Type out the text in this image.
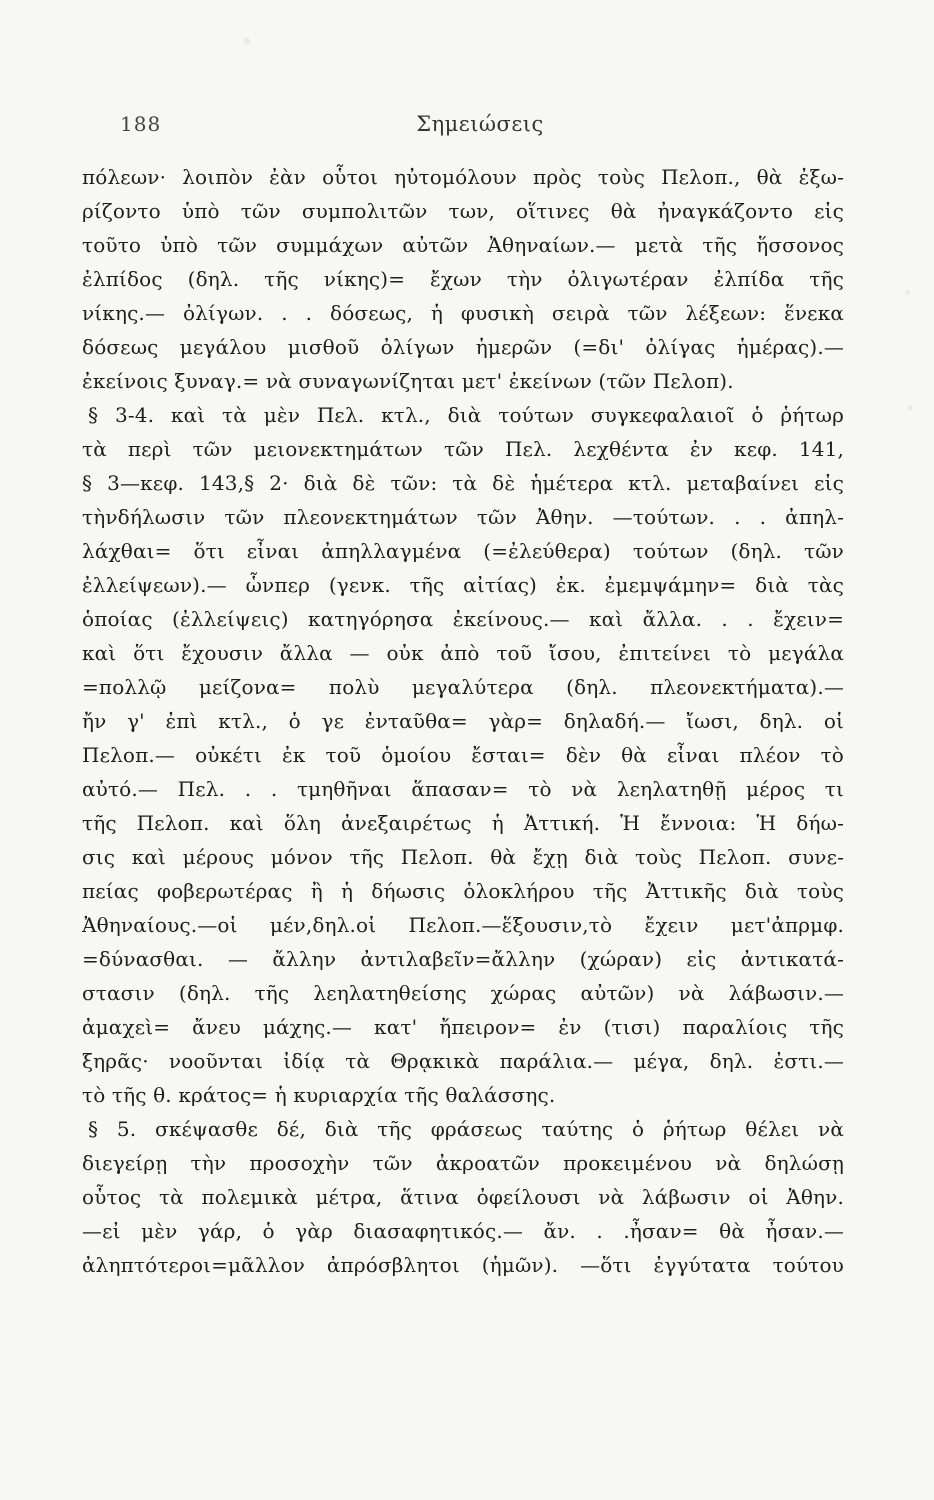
188	Σημειώσεις
πόλεων· λοιπὸν ἐὰν οὗτοι ηὐτομόλουν πρὸς τοὺς Πελοπ., θὰ ἐξω-
ρίζοντο ὑπὸ τῶν συμπολιτῶν των, οἵτινες θὰ ἠναγκάζοντο εἰς
τοῦτο ὑπὸ τῶν συμμάχων αὐτῶν Ἀθηναίων.— μετὰ τῆς ἥσσονος
ἐλπίδος (δηλ. τῆς νίκης)= ἔχων τὴν ὀλιγωτέραν ἐλπίδα τῆς
νίκης.— ὀλίγων. . . δόσεως, ἡ φυσικὴ σειρὰ τῶν λέξεων: ἕνεκα
δόσεως μεγάλου μισθοῦ ὀλίγων ἡμερῶν (=δι' ὀλίγας ἡμέρας).—
ἐκείνοις ξυναγ.= νὰ συναγωνίζηται μετ' ἐκείνων (τῶν Πελοπ).
§ 3-4. καὶ τὰ μὲν Πελ. κτλ., διὰ τούτων συγκεφαλαιοῖ ὁ ῥήτωρ
τὰ περὶ τῶν μειονεκτημάτων τῶν Πελ. λεχθέντα ἐν κεφ. 141,
§ 3—κεφ. 143,§ 2· διὰ δὲ τῶν: τὰ δὲ ἡμέτερα κτλ. μεταβαίνει εἰς
τὴνδήλωσιν τῶν πλεονεκτημάτων τῶν Ἀθην. —τούτων. . . ἀπηλ-
λάχθαι= ὅτι εἶναι ἀπηλλαγμένα (=ἐλεύθερα) τούτων (δηλ. τῶν
ἐλλείψεων).— ὧνπερ (γενκ. τῆς αἰτίας) ἐκ. ἐμεμψάμην= διὰ τὰς
ὁποίας (ἐλλείψεις) κατηγόρησα ἐκείνους.— καὶ ἄλλα. . . ἔχειν=
καὶ ὅτι ἔχουσιν ἄλλα — οὐκ ἀπὸ τοῦ ἴσου, ἐπιτείνει τὸ μεγάλα
=πολλῷ μείζονα= πολὺ μεγαλύτερα (δηλ. πλεονεκτήματα).—
ἤν γ' ἐπὶ κτλ., ὁ γε ἐνταῦθα= γὰρ= δηλαδή.— ἴωσι, δηλ. οἱ
Πελοπ.— οὐκέτι ἐκ τοῦ ὁμοίου ἔσται= δὲν θὰ εἶναι πλέον τὸ
αὐτό.— Πελ. . . τμηθῆναι ἅπασαν= τὸ νὰ λεηλατηθῇ μέρος τι
τῆς Πελοπ. καὶ ὅλη ἀνεξαιρέτως ἡ Ἀττική. Ἡ ἔννοια: Ἡ δήω-
σις καὶ μέρους μόνον τῆς Πελοπ. θὰ ἔχῃ διὰ τοὺς Πελοπ. συνε-
πείας φοβερωτέρας ἢ ἡ δήωσις ὁλοκλήρου τῆς Ἀττικῆς διὰ τοὺς
Ἀθηναίους.—οἱ μέν,δηλ.οἱ Πελοπ.—ἕξουσιν,τὸ ἔχειν μετ'ἀπρμφ.
=δύνασθαι. — ἄλλην ἀντιλαβεῖν=ἄλλην (χώραν) εἰς ἀντικατά-
στασιν (δηλ. τῆς λεηλατηθείσης χώρας αὐτῶν) νὰ λάβωσιν.—
ἀμαχεὶ= ἄνευ μάχης.— κατ' ἤπειρον= ἐν (τισι) παραλίοις τῆς
ξηρᾶς· νοοῦνται ἰδίᾳ τὰ Θρᾳκικὰ παράλια.— μέγα, δηλ. ἐστι.—
τὸ τῆς θ. κράτος= ἡ κυριαρχία τῆς θαλάσσης.
§ 5. σκέψασθε δέ, διὰ τῆς φράσεως ταύτης ὁ ῥήτωρ θέλει νὰ
διεγείρῃ τὴν προσοχὴν τῶν ἀκροατῶν προκειμένου νὰ δηλώσῃ
οὗτος τὰ πολεμικὰ μέτρα, ἅτινα ὀφείλουσι νὰ λάβωσιν οἱ Ἀθην.
—εἰ μὲν γάρ, ὁ γὰρ διασαφητικός.— ἄν. . .ἦσαν= θὰ ἦσαν.—
ἀληπτότεροι=μᾶλλον ἀπρόσβλητοι (ἡμῶν). —ὅτι ἐγγύτατα τούτου
